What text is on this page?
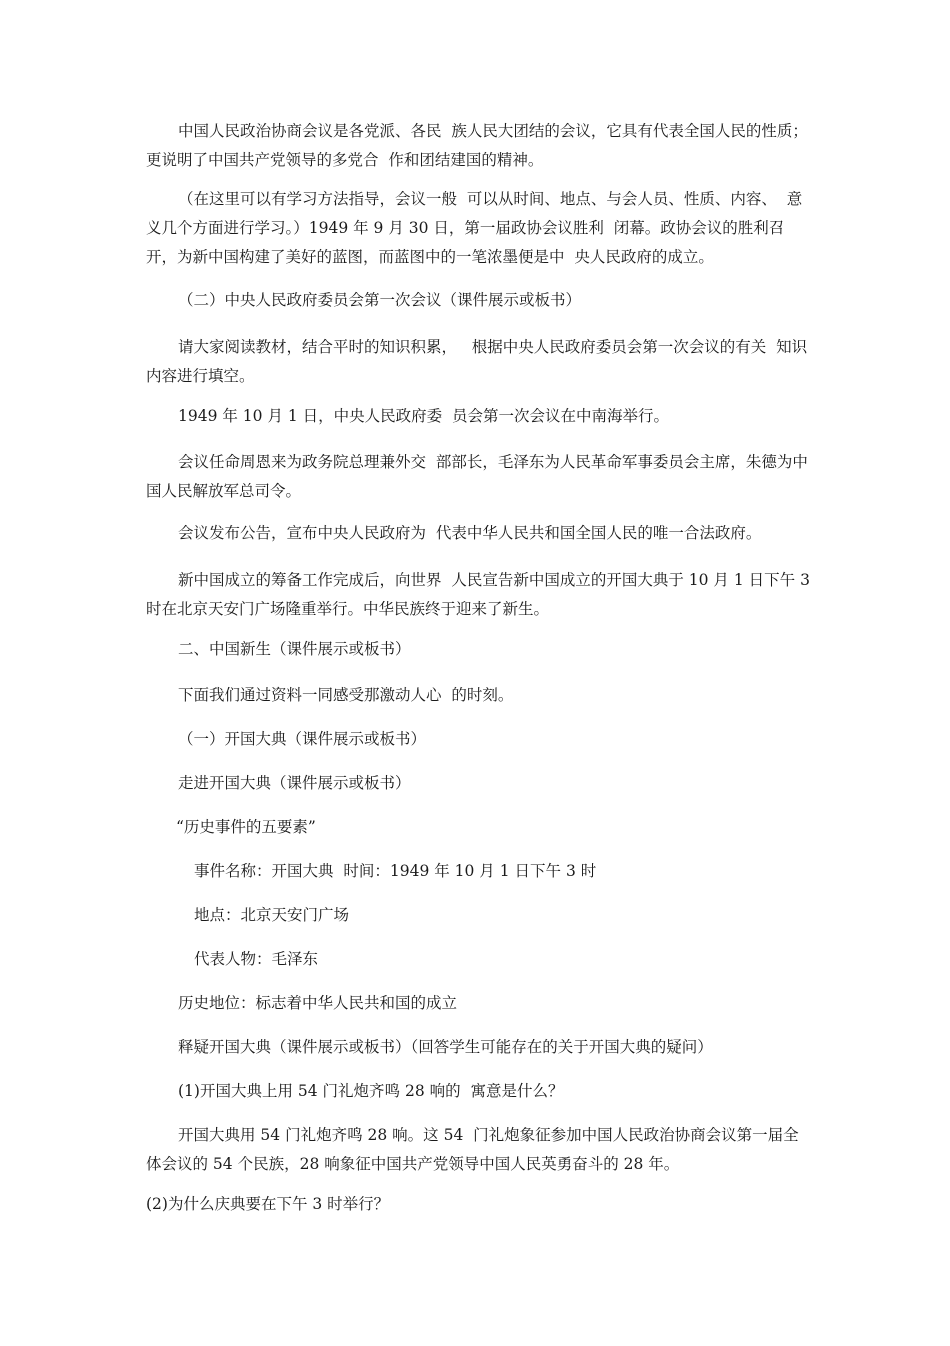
中国人民政治协商会议是各党派、各民  族人民大团结的会议，它具有代表全国人民的性质；更说明了中国共产党领导的多党合  作和团结建国的精神。

（在这里可以有学习方法指导，会议一般  可以从时间、地点、与会人员、性质、内容、  意义几个方面进行学习。）1949 年 9 月 30 日，第一届政协会议胜利  闭幕。政协会议的胜利召开，为新中国构建了美好的蓝图，而蓝图中的一笔浓墨便是中  央人民政府的成立。

（二）中央人民政府委员会第一次会议（课件展示或板书）

请大家阅读教材，结合平时的知识积累，   根据中央人民政府委员会第一次会议的有关  知识内容进行填空。

1949 年 10 月 1 日，中央人民政府委  员会第一次会议在中南海举行。

会议任命周恩来为政务院总理兼外交  部部长，毛泽东为人民革命军事委员会主席，朱德为中国人民解放军总司令。

会议发布公告，宣布中央人民政府为  代表中华人民共和国全国人民的唯一合法政府。

新中国成立的筹备工作完成后，向世界  人民宣告新中国成立的开国大典于 10 月 1 日下午 3 时在北京天安门广场隆重举行。中华民族终于迎来了新生。

二、中国新生（课件展示或板书）

下面我们通过资料一同感受那激动人心  的时刻。

（一）开国大典（课件展示或板书）

走进开国大典（课件展示或板书）

“历史事件的五要素”

事件名称：开国大典  时间：1949 年 10 月 1 日下午 3 时

地点：北京天安门广场

代表人物：毛泽东

历史地位：标志着中华人民共和国的成立

释疑开国大典（课件展示或板书）（回答学生可能存在的关于开国大典的疑问）

(1)开国大典上用 54 门礼炮齐鸣 28 响的  寓意是什么？

开国大典用 54 门礼炮齐鸣 28 响。这 54  门礼炮象征参加中国人民政治协商会议第一届全体会议的 54 个民族，28 响象征中国共产党领导中国人民英勇奋斗的 28 年。

(2)为什么庆典要在下午 3 时举行？
